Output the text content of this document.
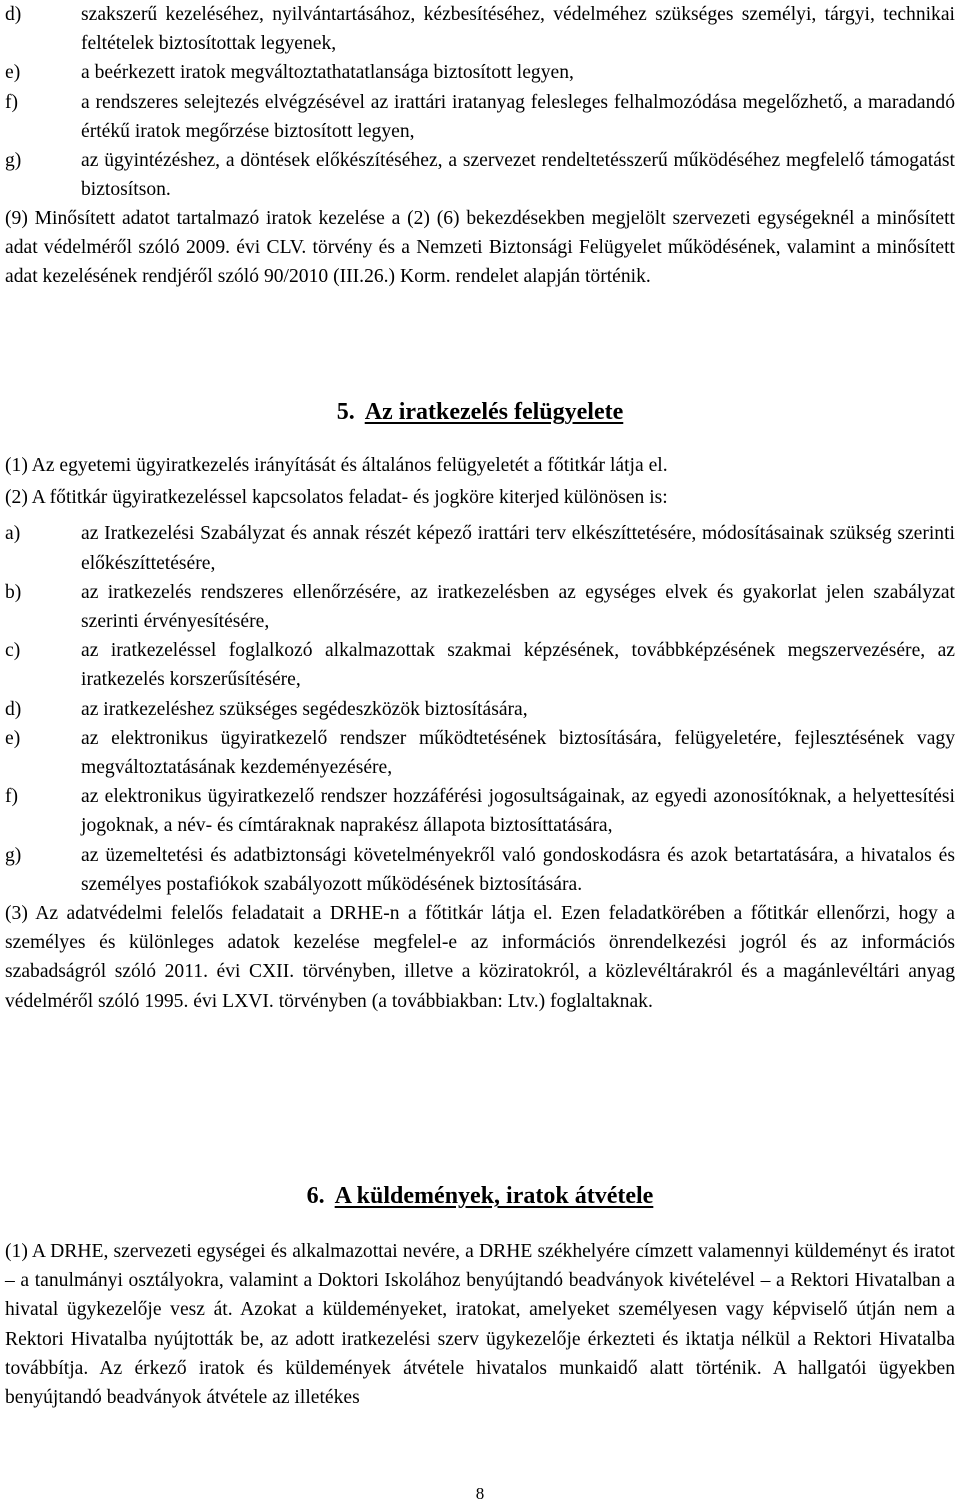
d)	szakszerű kezeléséhez, nyilvántartásához, kézbesítéséhez, védelméhez szükséges személyi, tárgyi, technikai feltételek biztosítottak legyenek,
e)	a beérkezett iratok megváltoztathatatlansága biztosított legyen,
f)	a rendszeres selejtezés elvégzésével az irattári iratanyag felesleges felhalmozódása megelőzhető, a maradandó értékű iratok megőrzése biztosított legyen,
g)	az ügyintézéshez, a döntések előkészítéséhez, a szervezet rendeltetésszerű működéséhez megfelelő támogatást biztosítson.

(9) Minősített adatot tartalmazó iratok kezelése a (2) (6) bekezdésekben megjelölt szervezeti egységeknél a minősített adat védelméről szóló 2009. évi CLV. törvény és a Nemzeti Biztonsági Felügyelet működésének, valamint a minősített adat kezelésének rendjéről szóló 90/2010 (III.26.) Korm. rendelet alapján történik.

5. Az iratkezelés felügyelete

(1) Az egyetemi ügyiratkezelés irányítását és általános felügyeletét a főtitkár látja el.

(2) A főtitkár ügyiratkezeléssel kapcsolatos feladat- és jogköre kiterjed különösen is:

a)	az Iratkezelési Szabályzat és annak részét képező irattári terv elkészíttetésére, módosításainak szükség szerinti előkészíttetésére,
b)	az iratkezelés rendszeres ellenőrzésére, az iratkezelésben az egységes elvek és gyakorlat jelen szabályzat szerinti érvényesítésére,
c)	az iratkezeléssel foglalkozó alkalmazottak szakmai képzésének, továbbképzésének megszervezésére, az iratkezelés korszerűsítésére,
d)	az iratkezeléshez szükséges segédeszközök biztosítására,
e)	az elektronikus ügyiratkezelő rendszer működtetésének biztosítására, felügyeletére, fejlesztésének vagy megváltoztatásának kezdeményezésére,
f)	az elektronikus ügyiratkezelő rendszer hozzáférési jogosultságainak, az egyedi azonosítóknak, a helyettesítési jogoknak, a név- és címtáraknak naprakész állapota biztosíttatására,
g)	az üzemeltetési és adatbiztonsági követelményekről való gondoskodásra és azok betartatására, a hivatalos és személyes postafiókok szabályozott működésének biztosítására.

(3) Az adatvédelmi felelős feladatait a DRHE-n a főtitkár látja el. Ezen feladatkörében a főtitkár ellenőrzi, hogy a személyes és különleges adatok kezelése megfelel-e az információs önrendelkezési jogról és az információs szabadságról szóló 2011. évi CXII. törvényben, illetve a köziratokról, a közlevéltárakról és a magánlevéltári anyag védelméről szóló 1995. évi LXVI. törvényben (a továbbiakban: Ltv.) foglaltaknak.

6. A küldemények, iratok átvétele

(1) A DRHE, szervezeti egységei és alkalmazottai nevére, a DRHE székhelyére címzett valamennyi küldeményt és iratot – a tanulmányi osztályokra, valamint a Doktori Iskolához benyújtandó beadványok kivételével – a Rektori Hivatalban a hivatal ügykezelője vesz át. Azokat a küldeményeket, iratokat, amelyeket személyesen vagy képviselő útján nem a Rektori Hivatalba nyújtották be, az adott iratkezelési szerv ügykezelője érkezteti és iktatja nélkül a Rektori Hivatalba továbbítja. Az érkező iratok és küldemények átvétele hivatalos munkaidő alatt történik. A hallgatói ügyekben benyújtandó beadványok átvétele az illetékes

8
